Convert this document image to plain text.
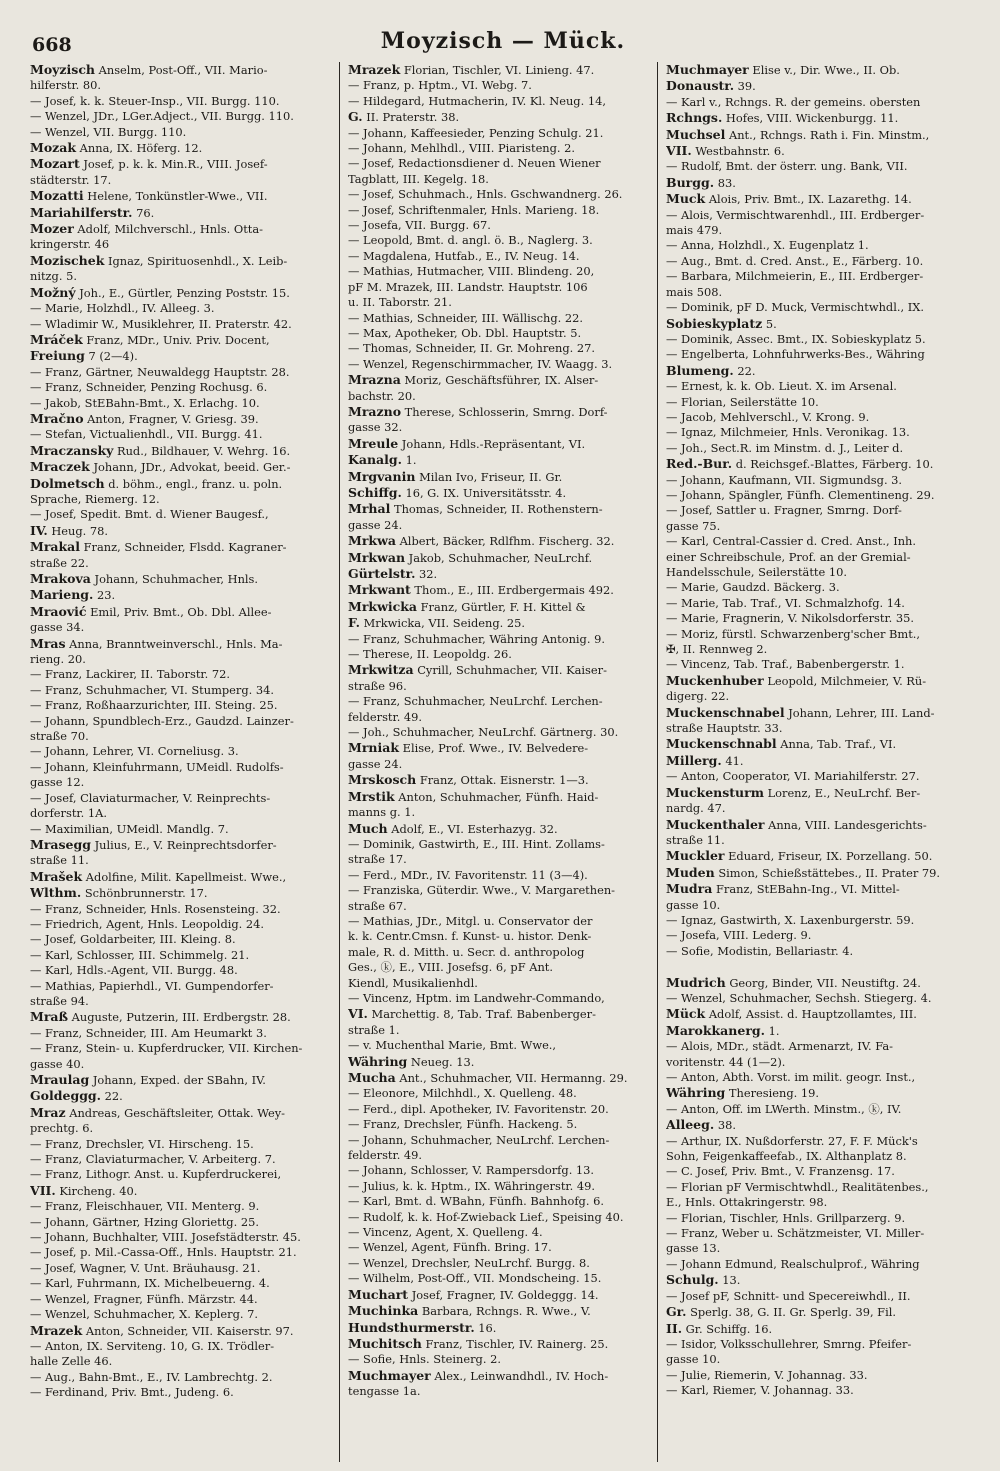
668	Moyzisch — Mück.
Moyzisch Anselm, Post-Off., VII. Mario-
hilferstr. 80.
— Josef, k. k. Steuer-Insp., VII. Burgg. 110.
— Wenzel, JDr., LGer.Adject., VII. Burgg. 110.
— Wenzel, VII. Burgg. 110.
Mozak Anna, IX. Höferg. 12.
Mozart Josef, p. k. k. Min.R., VIII. Josef-
städterstr. 17.
Mozatti Helene, Tonkünstler-Wwe., VII.
Mariahilferstr. 76.
Mozer Adolf, Milchverschl., Hnls. Otta-
kringerstr. 46
Mozischek Ignaz, Spirituosenhdl., X. Leib-
nitzg. 5.
Možný Joh., E., Gürtler, Penzing Poststr. 15.
— Marie, Holzhdl., IV. Alleeg. 3.
— Wladimir W., Musiklehrer, II. Praterstr. 42.
Mráček Franz, MDr., Univ. Priv. Docent,
Freiung 7 (2—4).
— Franz, Gärtner, Neuwaldegg Hauptstr. 28.
— Franz, Schneider, Penzing Rochusg. 6.
— Jakob, StEBahn-Bmt., X. Erlachg. 10.
Mračno Anton, Fragner, V. Griesg. 39.
— Stefan, Victualienhdl., VII. Burgg. 41.
Mraczansky Rud., Bildhauer, V. Wehrg. 16.
Mraczek Johann, JDr., Advokat, beeid. Ger.-
Dolmetsch d. böhm., engl., franz. u. poln.
Sprache, Riemerg. 12.
— Josef, Spedit. Bmt. d. Wiener Baugesf.,
IV. Heug. 78.
Mrakal Franz, Schneider, Flsdd. Kagraner-
straße 22.
Mrakova Johann, Schuhmacher, Hnls.
Marieng. 23.
Mraović Emil, Priv. Bmt., Ob. Dbl. Allee-
gasse 34.
Mras Anna, Branntweinverschl., Hnls. Ma-
rieng. 20.
— Franz, Lackirer, II. Taborstr. 72.
— Franz, Schuhmacher, VI. Stumperg. 34.
— Franz, Roßhaarzurichter, III. Steing. 25.
— Johann, Spundblech-Erz., Gaudzd. Lainzer-
straße 70.
— Johann, Lehrer, VI. Corneliusg. 3.
— Johann, Kleinfuhrmann, UMeidl. Rudolfs-
gasse 12.
— Josef, Claviaturmacher, V. Reinprechts-
dorferstr. 1A.
— Maximilian, UMeidl. Mandlg. 7.
Mrasegg Julius, E., V. Reinprechtsdorfer-
straße 11.
Mrašek Adolfine, Milit. Kapellmeist. Wwe.,
Wlthm. Schönbrunnerstr. 17.
— Franz, Schneider, Hnls. Rosensteing. 32.
— Friedrich, Agent, Hnls. Leopoldig. 24.
— Josef, Goldarbeiter, III. Kleing. 8.
— Karl, Schlosser, III. Schimmelg. 21.
— Karl, Hdls.-Agent, VII. Burgg. 48.
— Mathias, Papierhdl., VI. Gumpendorfer-
straße 94.
Mraß Auguste, Putzerin, III. Erdbergstr. 28.
— Franz, Schneider, III. Am Heumarkt 3.
— Franz, Stein- u. Kupferdrucker, VII. Kirchen-
gasse 40.
Mraulag Johann, Exped. der SBahn, IV.
Goldeggg. 22.
Mraz Andreas, Geschäftsleiter, Ottak. Wey-
prechtg. 6.
— Franz, Drechsler, VI. Hirscheng. 15.
— Franz, Claviaturmacher, V. Arbeiterg. 7.
— Franz, Lithogr. Anst. u. Kupferdruckerei,
VII. Kircheng. 40.
— Franz, Fleischhauer, VII. Menterg. 9.
— Johann, Gärtner, Hzing Gloriettg. 25.
— Johann, Buchhalter, VIII. Josefstädterstr. 45.
— Josef, p. Mil.-Cassa-Off., Hnls. Hauptstr. 21.
— Josef, Wagner, V. Unt. Bräuhausg. 21.
— Karl, Fuhrmann, IX. Michelbeuerng. 4.
— Wenzel, Fragner, Fünfh. Märzstr. 44.
— Wenzel, Schuhmacher, X. Keplerg. 7.
Mrazek Anton, Schneider, VII. Kaiserstr. 97.
— Anton, IX. Serviteng. 10, G. IX. Trödler-
halle Zelle 46.
— Aug., Bahn-Bmt., E., IV. Lambrechtg. 2.
— Ferdinand, Priv. Bmt., Judeng. 6.
Mrazek Florian, Tischler, VI. Linieng. 47.
— Franz, p. Hptm., VI. Webg. 7.
— Hildegard, Hutmacherin, IV. Kl. Neug. 14,
G. II. Praterstr. 38.
— Johann, Kaffeesieder, Penzing Schulg. 21.
— Johann, Mehlhdl., VIII. Piaristeng. 2.
— Josef, Redactionsdiener d. Neuen Wiener
Tagblatt, III. Kegelg. 18.
— Josef, Schuhmach., Hnls. Gschwandnerg. 26.
— Josef, Schriftenmaler, Hnls. Marieng. 18.
— Josefa, VII. Burgg. 67.
— Leopold, Bmt. d. angl. ö. B., Naglerg. 3.
— Magdalena, Hutfab., E., IV. Neug. 14.
— Mathias, Hutmacher, VIII. Blindeng. 20,
pF M. Mrazek, III. Landstr. Hauptstr. 106
u. II. Taborstr. 21.
— Mathias, Schneider, III. Wällischg. 22.
— Max, Apotheker, Ob. Dbl. Hauptstr. 5.
— Thomas, Schneider, II. Gr. Mohreng. 27.
— Wenzel, Regenschirmmacher, IV. Waagg. 3.
Mrazna Moriz, Geschäftsführer, IX. Alser-
bachstr. 20.
Mrazno Therese, Schlosserin, Smrng. Dorf-
gasse 32.
Mreule Johann, Hdls.-Repräsentant, VI.
Kanalg. 1.
Mrgvanin Milan Ivo, Friseur, II. Gr.
Schiffg. 16, G. IX. Universitätsstr. 4.
Mrhal Thomas, Schneider, II. Rothenstern-
gasse 24.
Mrkwa Albert, Bäcker, Rdlfhm. Fischerg. 32.
Mrkwan Jakob, Schuhmacher, NeuLrchf.
Gürtelstr. 32.
Mrkwant Thom., E., III. Erdbergermais 492.
Mrkwicka Franz, Gürtler, F. H. Kittel &
F. Mrkwicka, VII. Seideng. 25.
— Franz, Schuhmacher, Währing Antonig. 9.
— Therese, II. Leopoldg. 26.
Mrkwitza Cyrill, Schuhmacher, VII. Kaiser-
straße 96.
— Franz, Schuhmacher, NeuLrchf. Lerchen-
felderstr. 49.
— Joh., Schuhmacher, NeuLrchf. Gärtnerg. 30.
Mrniak Elise, Prof. Wwe., IV. Belvedere-
gasse 24.
Mrskosch Franz, Ottak. Eisnerstr. 1—3.
Mrstik Anton, Schuhmacher, Fünfh. Haid-
manns g. 1.
Much Adolf, E., VI. Esterhazyg. 32.
— Dominik, Gastwirth, E., III. Hint. Zollams-
straße 17.
— Ferd., MDr., IV. Favoritenstr. 11 (3—4).
— Franziska, Güterdir. Wwe., V. Margarethen-
straße 67.
— Mathias, JDr., Mitgl. u. Conservator der
k. k. Centr.Cmsn. f. Kunst- u. histor. Denk-
male, R. d. Mitth. u. Secr. d. anthropolog
Ges., ⓚ, E., VIII. Josefsg. 6, pF Ant.
Kiendl, Musikalienhdl.
— Vincenz, Hptm. im Landwehr-Commando,
VI. Marchettig. 8, Tab. Traf. Babenberger-
straße 1.
— v. Muchenthal Marie, Bmt. Wwe.,
Währing Neueg. 13.
Mucha Ant., Schuhmacher, VII. Hermanng. 29.
— Eleonore, Milchhdl., X. Quelleng. 48.
— Ferd., dipl. Apotheker, IV. Favoritenstr. 20.
— Franz, Drechsler, Fünfh. Hackeng. 5.
— Johann, Schuhmacher, NeuLrchf. Lerchen-
felderstr. 49.
— Johann, Schlosser, V. Rampersdorfg. 13.
— Julius, k. k. Hptm., IX. Währingerstr. 49.
— Karl, Bmt. d. WBahn, Fünfh. Bahnhofg. 6.
— Rudolf, k. k. Hof-Zwieback Lief., Speising 40.
— Vincenz, Agent, X. Quelleng. 4.
— Wenzel, Agent, Fünfh. Bring. 17.
— Wenzel, Drechsler, NeuLrchf. Burgg. 8.
— Wilhelm, Post-Off., VII. Mondscheing. 15.
Muchart Josef, Fragner, IV. Goldeggg. 14.
Muchinka Barbara, Rchngs. R. Wwe., V.
Hundsthurmerstr. 16.
Muchitsch Franz, Tischler, IV. Rainerg. 25.
— Sofie, Hnls. Steinerg. 2.
Muchmayer Alex., Leinwandhdl., IV. Hoch-
tengasse 1a.
Muchmayer Elise v., Dir. Wwe., II. Ob.
Donaustr. 39.
— Karl v., Rchngs. R. der gemeins. obersten
Rchngs. Hofes, VIII. Wickenburgg. 11.
Muchsel Ant., Rchngs. Rath i. Fin. Minstm.,
VII. Westbahnstr. 6.
— Rudolf, Bmt. der österr. ung. Bank, VII.
Burgg. 83.
Muck Alois, Priv. Bmt., IX. Lazarethg. 14.
— Alois, Vermischtwarenhdl., III. Erdberger-
mais 479.
— Anna, Holzhdl., X. Eugenplatz 1.
— Aug., Bmt. d. Cred. Anst., E., Färberg. 10.
— Barbara, Milchmeierin, E., III. Erdberger-
mais 508.
— Dominik, pF D. Muck, Vermischtwhdl., IX.
Sobieskyplatz 5.
— Dominik, Assec. Bmt., IX. Sobieskyplatz 5.
— Engelberta, Lohnfuhrwerks-Bes., Währing
Blumeng. 22.
— Ernest, k. k. Ob. Lieut. X. im Arsenal.
— Florian, Seilerstätte 10.
— Jacob, Mehlverschl., V. Krong. 9.
— Ignaz, Milchmeier, Hnls. Veronikag. 13.
— Joh., Sect.R. im Minstm. d. J., Leiter d.
Red.-Bur. d. Reichsgef.-Blattes, Färberg. 10.
— Johann, Kaufmann, VII. Sigmundsg. 3.
— Johann, Spängler, Fünfh. Clementineng. 29.
— Josef, Sattler u. Fragner, Smrng. Dorf-
gasse 75.
— Karl, Central-Cassier d. Cred. Anst., Inh.
einer Schreibschule, Prof. an der Gremial-
Handelsschule, Seilerstätte 10.
— Marie, Gaudzd. Bäckerg. 3.
— Marie, Tab. Traf., VI. Schmalzhofg. 14.
— Marie, Fragnerin, V. Nikolsdorferstr. 35.
— Moriz, fürstl. Schwarzenberg'scher Bmt.,
✠, II. Rennweg 2.
— Vincenz, Tab. Traf., Babenbergerstr. 1.
Muckenhuber Leopold, Milchmeier, V. Rü-
digerg. 22.
Muckenschnabel Johann, Lehrer, III. Land-
straße Hauptstr. 33.
Muckenschnabl Anna, Tab. Traf., VI.
Millerg. 41.
— Anton, Cooperator, VI. Mariahilferstr. 27.
Muckensturm Lorenz, E., NeuLrchf. Ber-
nardg. 47.
Muckenthaler Anna, VIII. Landesgerichts-
straße 11.
Muckler Eduard, Friseur, IX. Porzellang. 50.
Muden Simon, Schießstättebes., II. Prater 79.
Mudra Franz, StEBahn-Ing., VI. Mittel-
gasse 10.
— Ignaz, Gastwirth, X. Laxenburgerstr. 59.
— Josefa, VIII. Lederg. 9.
— Sofie, Modistin, Bellariastr. 4.

Mudrich Georg, Binder, VII. Neustiftg. 24.
— Wenzel, Schuhmacher, Sechsh. Stiegerg. 4.
Mück Adolf, Assist. d. Hauptzollamtes, III.
Marokkanerg. 1.
— Alois, MDr., städt. Armenarzt, IV. Fa-
voritenstr. 44 (1—2).
— Anton, Abth. Vorst. im milit. geogr. Inst.,
Währing Theresieng. 19.
— Anton, Off. im LWerth. Minstm., ⓚ, IV.
Alleeg. 38.
— Arthur, IX. Nußdorferstr. 27, F. F. Mück's
Sohn, Feigenkaffeefab., IX. Althanplatz 8.
— C. Josef, Priv. Bmt., V. Franzensg. 17.
— Florian pF Vermischtwhdl., Realitätenbes.,
E., Hnls. Ottakringerstr. 98.
— Florian, Tischler, Hnls. Grillparzerg. 9.
— Franz, Weber u. Schätzmeister, VI. Miller-
gasse 13.
— Johann Edmund, Realschulprof., Währing
Schulg. 13.
— Josef pF, Schnitt- und Specereiwhdl., II.
Gr. Sperlg. 38, G. II. Gr. Sperlg. 39, Fil.
II. Gr. Schiffg. 16.
— Isidor, Volksschullehrer, Smrng. Pfeifer-
gasse 10.
— Julie, Riemerin, V. Johannag. 33.
— Karl, Riemer, V. Johannag. 33.
